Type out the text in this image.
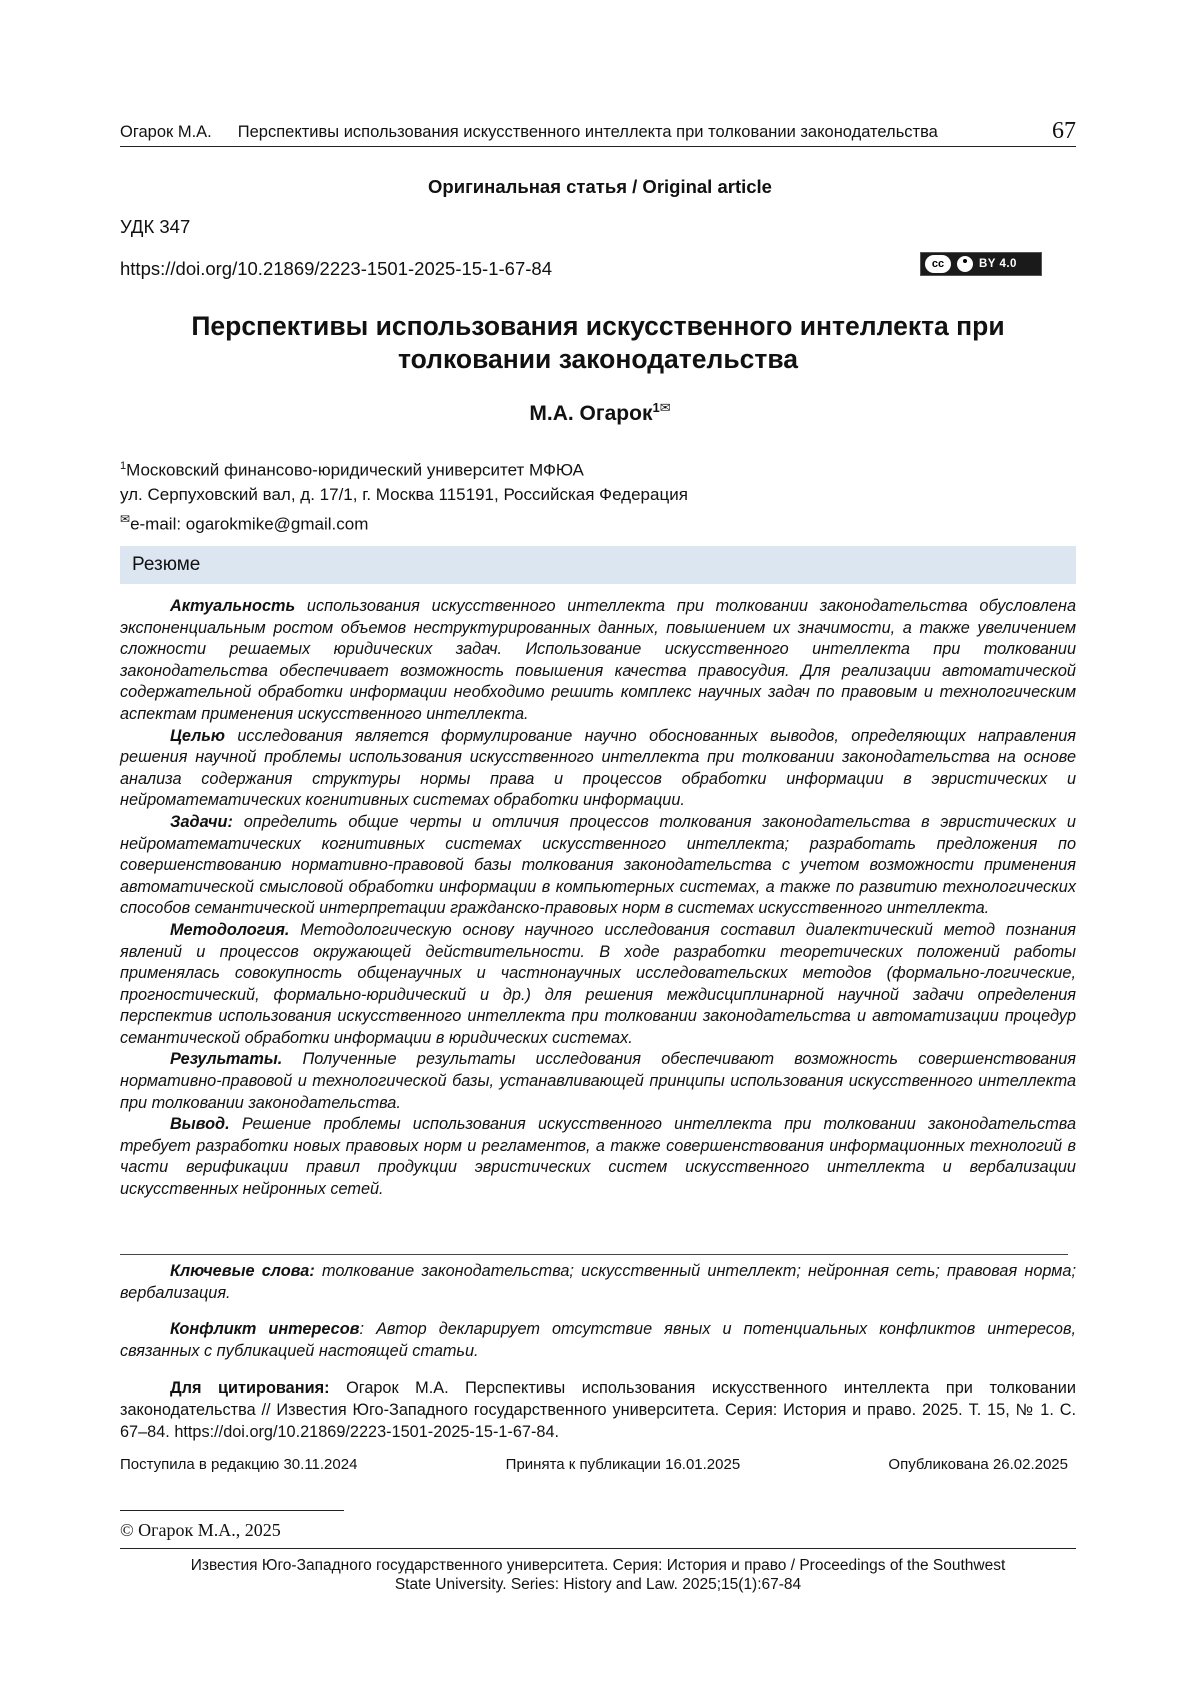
Огарок М.А. Перспективы использования искусственного интеллекта при толковании законодательства	67
Оригинальная статья / Original article
УДК 347
https://doi.org/10.21869/2223-1501-2025-15-1-67-84	cc	BY 4.0
Перспективы использования искусственного интеллекта при
толковании законодательства
М.А. Огарок1✉
1Московский финансово-юридический университет МФЮА
ул. Серпуховский вал, д. 17/1, г. Москва 115191, Российская Федерация
✉e-mail: ogarokmike@gmail.com
Резюме

Актуальность использования искусственного интеллекта при толковании законодательства обусловлена экспоненциальным ростом объемов неструктурированных данных, повышением их значимости, а также увеличением сложности решаемых юридических задач. Использование искусственного интеллекта при толковании законодательства обеспечивает возможность повышения качества правосудия. Для реализации автоматической содержательной обработки информации необходимо решить комплекс научных задач по правовым и технологическим аспектам применения искусственного интеллекта.

Целью исследования является формулирование научно обоснованных выводов, определяющих направления решения научной проблемы использования искусственного интеллекта при толковании законодательства на основе анализа содержания структуры нормы права и процессов обработки информации в эвристических и нейроматематических когнитивных системах обработки информации.

Задачи: определить общие черты и отличия процессов толкования законодательства в эвристических и нейроматематических когнитивных системах искусственного интеллекта; разработать предложения по совершенствованию нормативно-правовой базы толкования законодательства с учетом возможности применения автоматической смысловой обработки информации в компьютерных системах, а также по развитию технологических способов семантической интерпретации гражданско-правовых норм в системах искусственного интеллекта.

Методология. Методологическую основу научного исследования составил диалектический метод познания явлений и процессов окружающей действительности. В ходе разработки теоретических положений работы применялась совокупность общенаучных и частнонаучных исследовательских методов (формально-логические, прогностический, формально-юридический и др.) для решения междисциплинарной научной задачи определения перспектив использования искусственного интеллекта при толковании законодательства и автоматизации процедур семантической обработки информации в юридических системах.

Результаты. Полученные результаты исследования обеспечивают возможность совершенствования нормативно-правовой и технологической базы, устанавливающей принципы использования искусственного интеллекта при толковании законодательства.

Вывод. Решение проблемы использования искусственного интеллекта при толковании законодательства требует разработки новых правовых норм и регламентов, а также совершенствования информационных технологий в части верификации правил продукции эвристических систем искусственного интеллекта и вербализации искусственных нейронных сетей.

Ключевые слова: толкование законодательства; искусственный интеллект; нейронная сеть; правовая норма; вербализация.

Конфликт интересов: Автор декларирует отсутствие явных и потенциальных конфликтов интересов, связанных с публикацией настоящей статьи.

Для цитирования: Огарок М.А. Перспективы использования искусственного интеллекта при толковании законодательства // Известия Юго-Западного государственного университета. Серия: История и право. 2025. Т. 15, № 1. С. 67–84. https://doi.org/10.21869/2223-1501-2025-15-1-67-84.

Поступила в редакцию 30.11.2024	Принята к публикации 16.01.2025	Опубликована 26.02.2025
© Огарок М.А., 2025
Известия Юго-Западного государственного университета. Серия: История и право / Proceedings of the Southwest
State University. Series: History and Law. 2025;15(1):67-84
